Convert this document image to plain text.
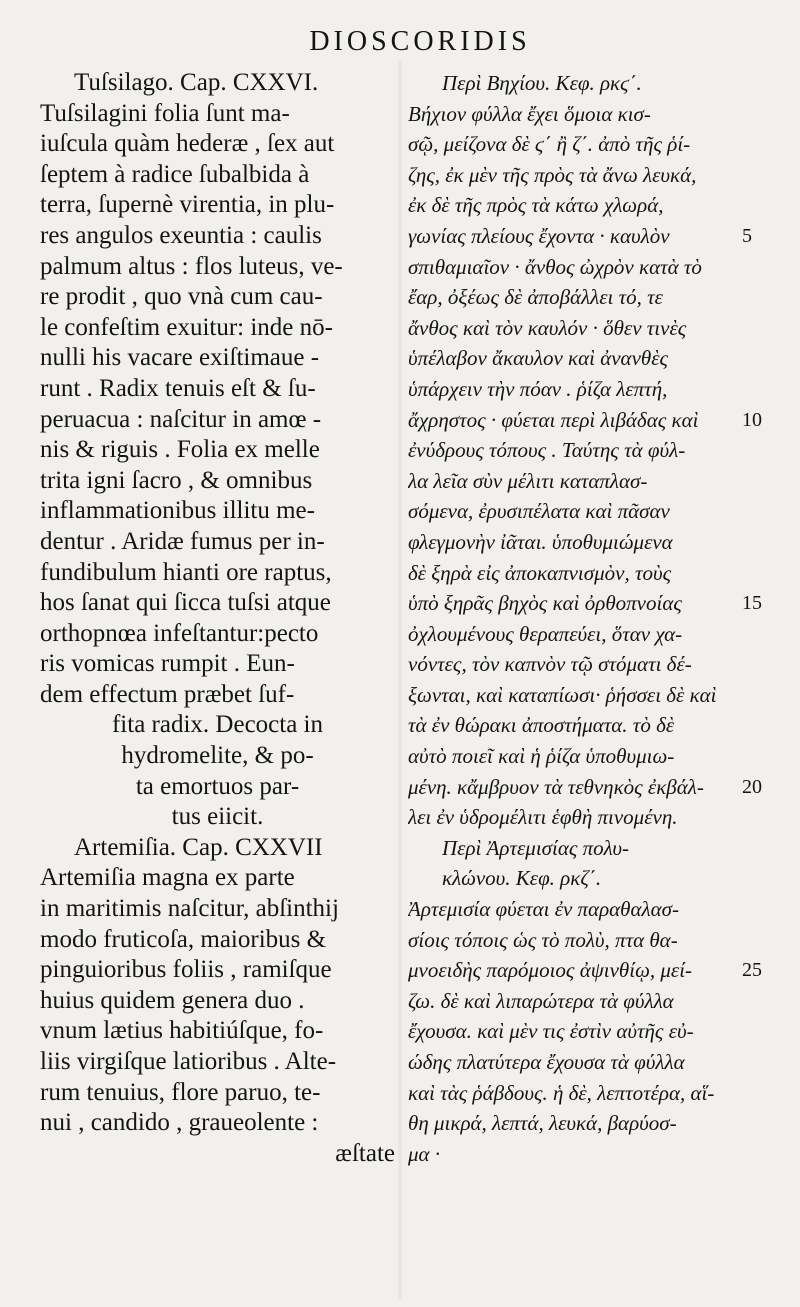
DIOSCORIDIS
Tuſsilago. Cap. CXXVI.
Tuſsilagini folia ſunt ma-
iuſcula quàm hederæ , ſex aut
ſeptem à radice ſubalbida à
terra, ſupernè virentia, in plu-
res angulos exeuntia : caulis
palmum altus : flos luteus, ve-
re prodit , quo vnà cum cau-
le confeſtim exuitur: inde nō-
nulli his vacare exiſtimaue -
runt . Radix tenuis eſt & ſu-
peruacua : naſcitur in amœ -
nis & riguis . Folia ex melle
trita igni ſacro , & omnibus
inflammationibus illitu me-
dentur . Aridæ fumus per in-
fundibulum hianti ore raptus,
hos ſanat qui ſicca tuſsi atque
orthopnœa infeſtantur:pecto
ris vomicas rumpit . Eun-
dem effectum præbet ſuf-
fita radix. Decocta in
hydromelite, & po-
ta emortuos par-
tus eiicit.
Artemiſia. Cap. CXXVII
Artemiſia magna ex parte
in maritimis naſcitur, abſinthij
modo fruticoſa, maioribus &
pinguioribus foliis , ramiſque
huius quidem genera duo .
vnum lætius habitiúſque, fo-
liis virgiſque latioribus . Alte-
rum tenuius, flore paruo, te-
nui , candido , graueolente :
æſtate
Περὶ Βηχίου. Κεφ. ρκϛ΄.
Βήχιον φύλλα ἔχει ὅμοια κισ-
σῷ, μείζονα δὲ ϛ΄ ἢ ζ΄. ἀπὸ τῆς ῥί-
ζης, ἐκ μὲν τῆς πρὸς τὰ ἄνω λευκά,
ἐκ δὲ τῆς πρὸς τὰ κάτω χλωρά,
γωνίας πλείους ἔχοντα · καυλὸν
σπιθαμιαῖον · ἄνθος ὠχρὸν κατὰ τὸ
ἔαρ, ὀξέως δὲ ἀποβάλλει τό, τε
ἄνθος καὶ τὸν καυλόν · ὅθεν τινὲς
ὑπέλαβον ἄκαυλον καὶ ἀνανθὲς
ὑπάρχειν τὴν πόαν . ῥίζα λεπτή,
ἄχρηστος · φύεται περὶ λιβάδας καὶ
ἐνύδρους τόπους . Ταύτης τὰ φύλ-
λα λεῖα σὺν μέλιτι καταπλασ-
σόμενα, ἐρυσιπέλατα καὶ πᾶσαν
φλεγμονὴν ἰᾶται. ὑποθυμιώμενα
δὲ ξηρὰ εἰς ἀποκαπνισμὸν, τοὺς
ὑπὸ ξηρᾶς βηχὸς καὶ ὀρθοπνοίας
ὀχλουμένους θεραπεύει, ὅταν χα-
νόντες, τὸν καπνὸν τῷ στόματι δέ-
ξωνται, καὶ καταπίωσι· ῥήσσει δὲ καὶ
τὰ ἐν θώρακι ἀποστήματα. τὸ δὲ
αὐτὸ ποιεῖ καὶ ἡ ῥίζα ὑποθυμιω-
μένη. κἄμβρυον τὰ τεθνηκὸς ἐκβάλ-
λει ἐν ὑδρομέλιτι ἑφθὴ πινομένη.
Περὶ Ἀρτεμισίας πολυ-
κλώνου. Κεφ. ρκζ΄.
Ἀρτεμισία φύεται ἐν παραθαλασ-
σίοις τόποις ὡς τὸ πολὺ, πτα θα-
μνοειδὴς παρόμοιος ἀψινθίῳ, μεί-
ζω. δὲ καὶ λιπαρώτερα τὰ φύλλα
ἔχουσα. καὶ μὲν τις ἐστὶν αὐτῆς εὐ-
ώδης πλατύτερα ἔχουσα τὰ φύλλα
καὶ τὰς ῥάβδους. ἡ δὲ, λεπτοτέρα, αἵ-
θη μικρά, λεπτά, λευκά, βαρύοσ-
μα ·
5
10
15
20
25
